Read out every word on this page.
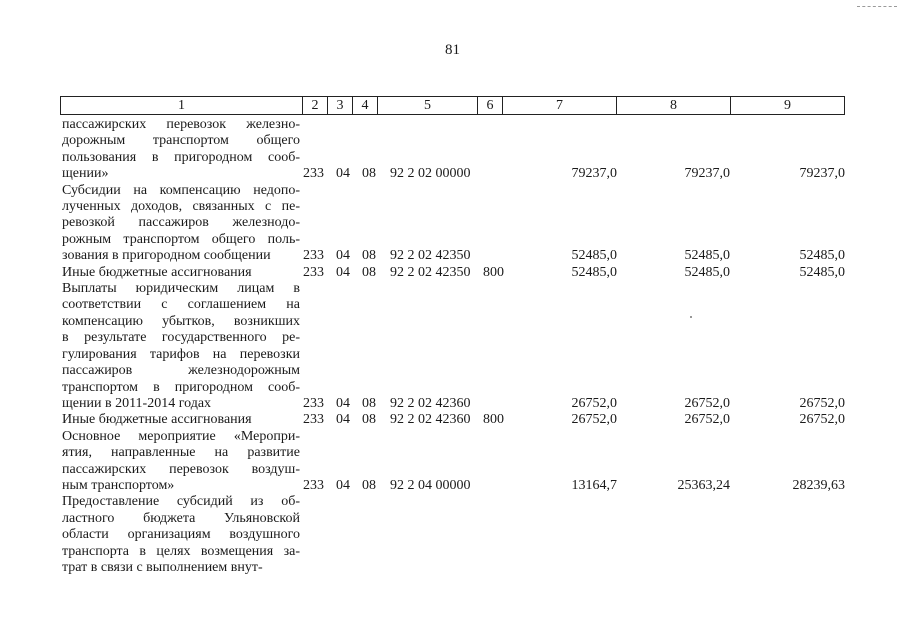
81
1	2	3	4	5	6	7	8	9
пассажирских перевозок железно-
дорожным транспортом общего
пользования в пригородном сооб-
щении»	233 04 08 92 2 02 00000	79237,0	79237,0	79237,0
Субсидии на компенсацию недопо-
лученных доходов, связанных с пе-
ревозкой пассажиров железнодо-
рожным транспортом общего поль-
зования в пригородном сообщении	233 04 08 92 2 02 42350	52485,0	52485,0	52485,0
Иные бюджетные ассигнования	233 04 08 92 2 02 42350 800	52485,0	52485,0	52485,0
Выплаты юридическим лицам в
соответствии с соглашением на
компенсацию убытков, возникших
в результате государственного ре-
гулирования тарифов на перевозки
пассажиров железнодорожным
транспортом в пригородном сооб-
щении в 2011-2014 годах	233 04 08 92 2 02 42360	26752,0	26752,0	26752,0
Иные бюджетные ассигнования	233 04 08 92 2 02 42360 800	26752,0	26752,0	26752,0
Основное мероприятие «Меропри-
ятия, направленные на развитие
пассажирских перевозок воздуш-
ным транспортом»	233 04 08 92 2 04 00000	13164,7	25363,24	28239,63
Предоставление субсидий из об-
ластного бюджета Ульяновской
области организациям воздушного
транспорта в целях возмещения за-
трат в связи с выполнением внут-
